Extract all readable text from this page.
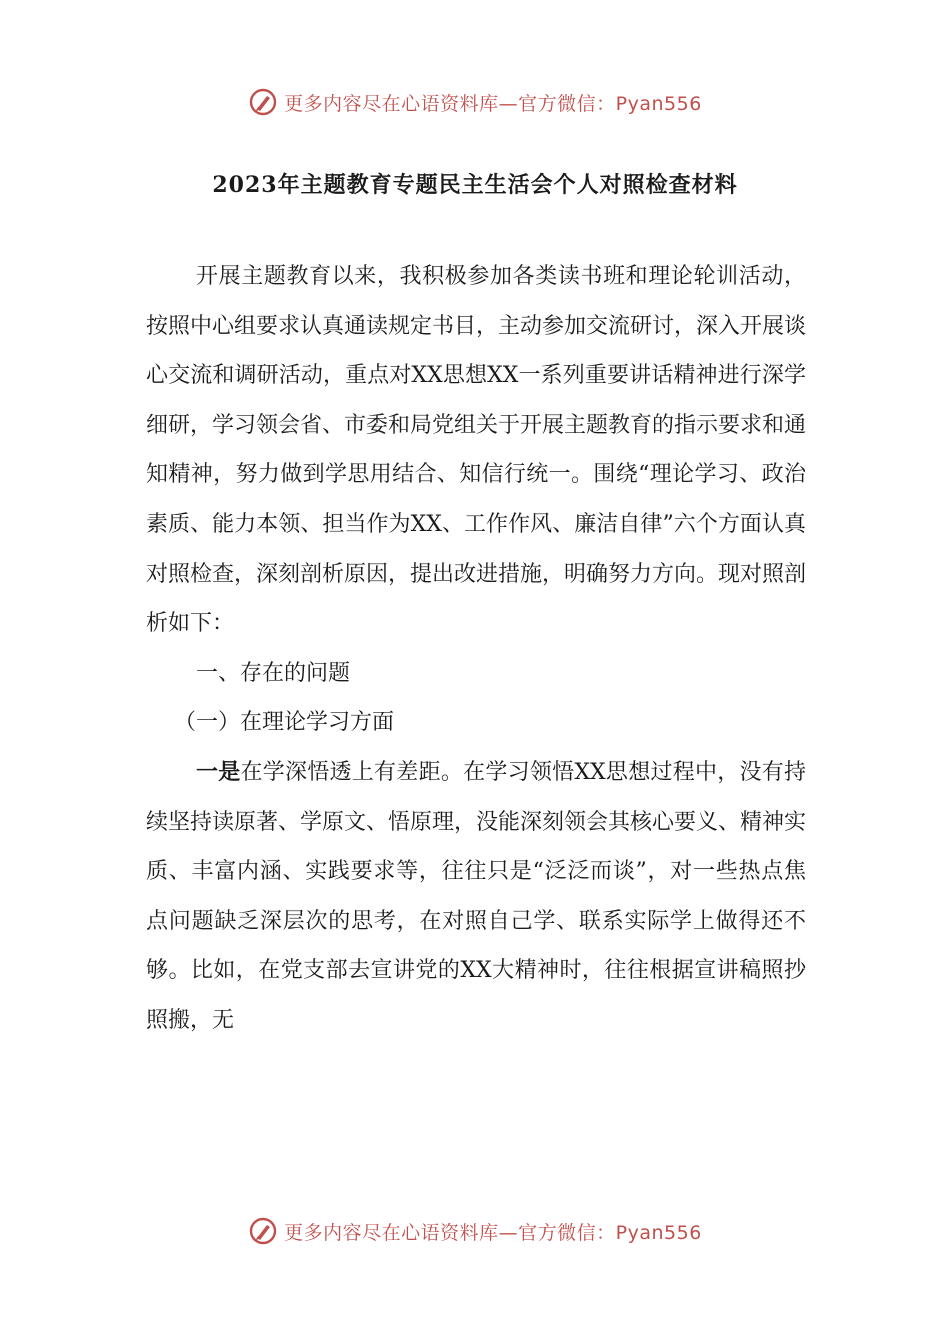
更多内容尽在心语资料库—官方微信：Pyan556
2023年主题教育专题民主生活会个人对照检查材料

开展主题教育以来，我积极参加各类读书班和理论轮训活动，按照中心组要求认真通读规定书目，主动参加交流研讨，深入开展谈心交流和调研活动，重点对XX思想XX一系列重要讲话精神进行深学细研，学习领会省、市委和局党组关于开展主题教育的指示要求和通知精神，努力做到学思用结合、知信行统一。围绕“理论学习、政治素质、能力本领、担当作为XX、工作作风、廉洁自律”六个方面认真对照检查，深刻剖析原因，提出改进措施，明确努力方向。现对照剖析如下：

一、存在的问题

（一）在理论学习方面

一是在学深悟透上有差距。在学习领悟XX思想过程中，没有持续坚持读原著、学原文、悟原理，没能深刻领会其核心要义、精神实质、丰富内涵、实践要求等，往往只是“泛泛而谈”，对一些热点焦点问题缺乏深层次的思考，在对照自己学、联系实际学上做得还不够。比如，在党支部去宣讲党的XX大精神时，往往根据宣讲稿照抄照搬，无

更多内容尽在心语资料库—官方微信：Pyan556
